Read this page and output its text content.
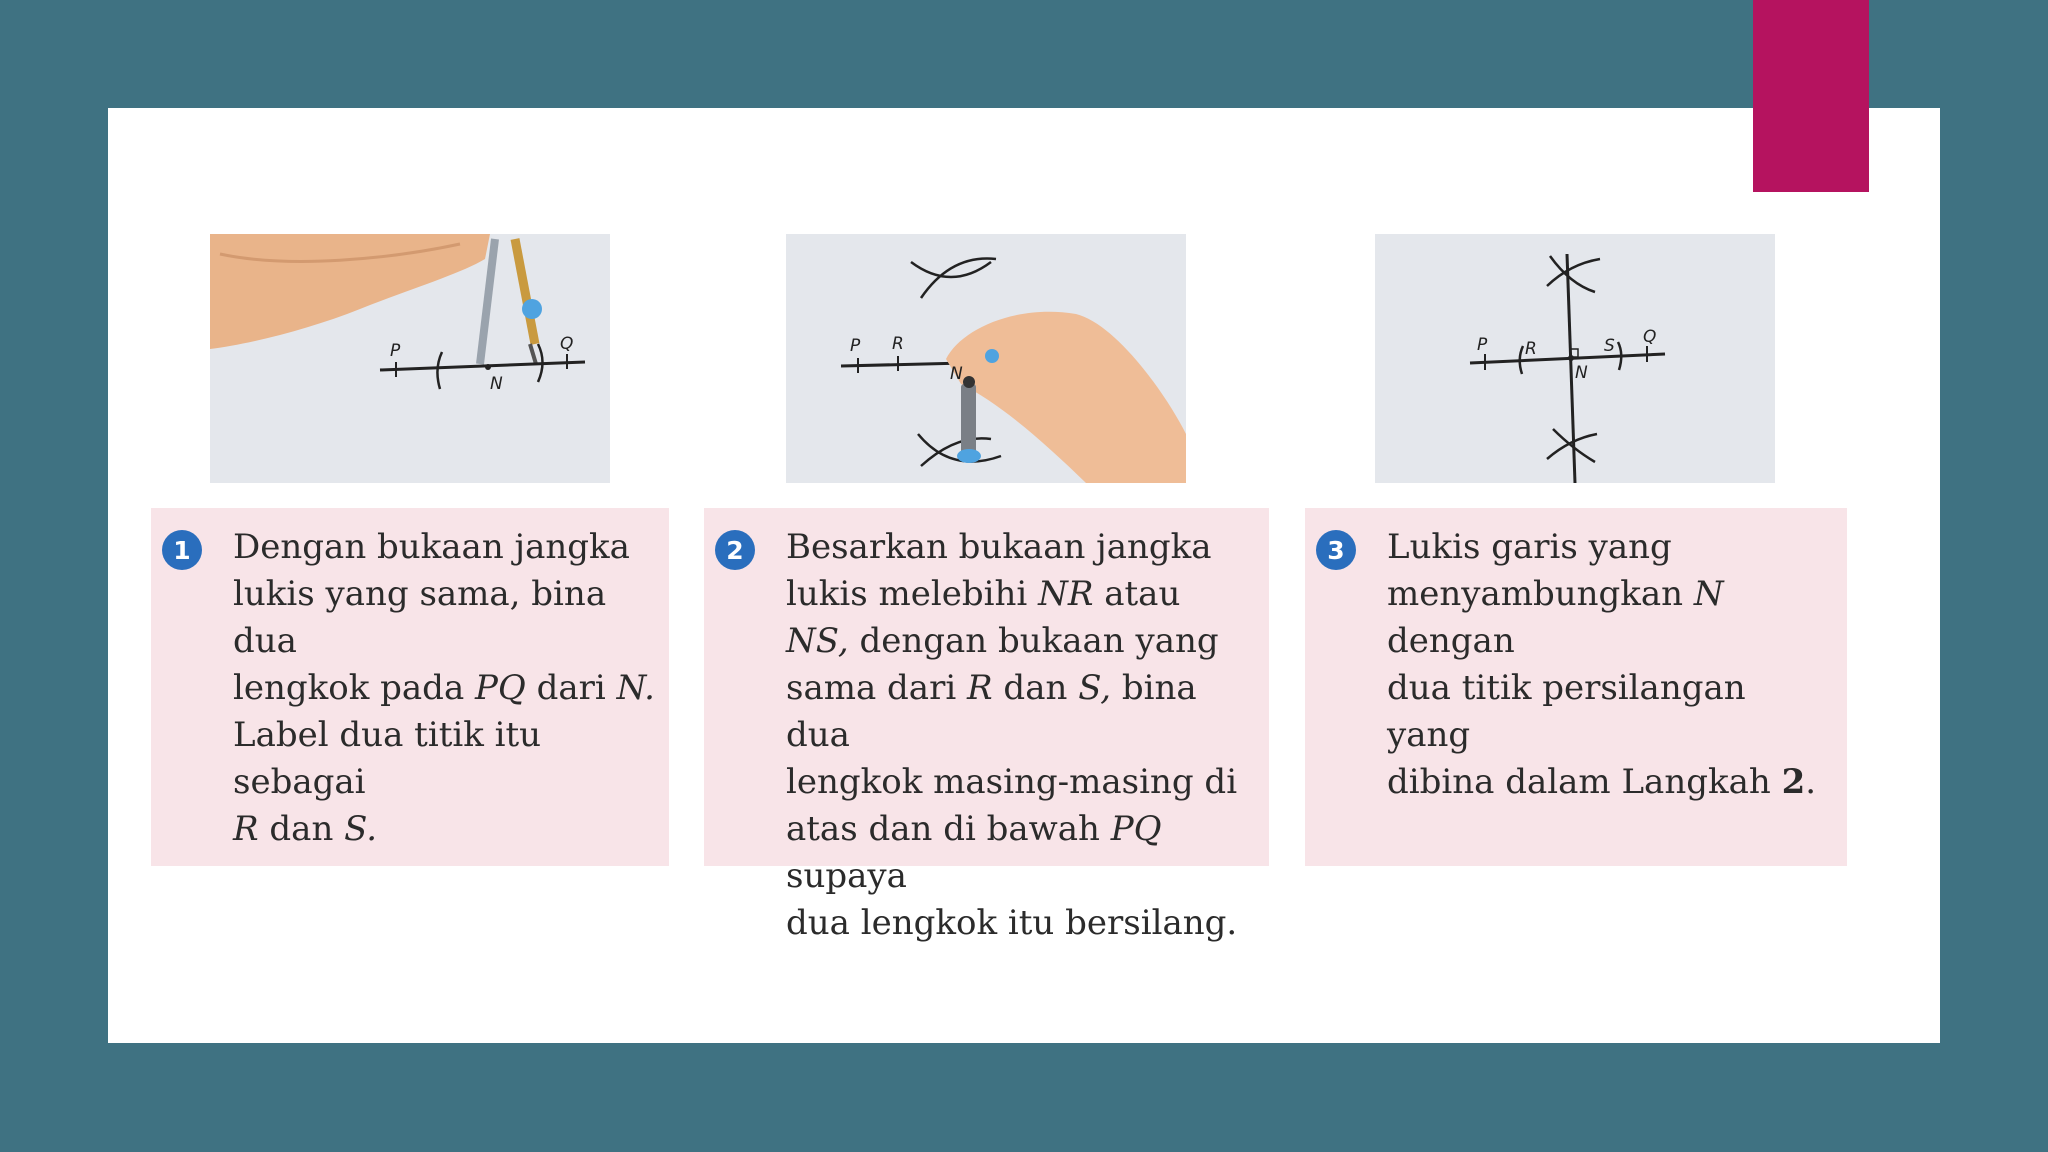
P	Q
N
P R
N
P R	S Q
N
1	Dengan bukaan jangka

lukis yang sama, bina dua

lengkok pada PQ dari N.

Label dua titik itu sebagai

R dan S.

2	Besarkan bukaan jangka

lukis melebihi NR atau

NS, dengan bukaan yang

sama dari R dan S, bina dua

lengkok masing-masing di

atas dan di bawah PQ supaya

dua lengkok itu bersilang.

3	Lukis garis yang

menyambungkan N dengan

dua titik persilangan yang

dibina dalam Langkah 2.
